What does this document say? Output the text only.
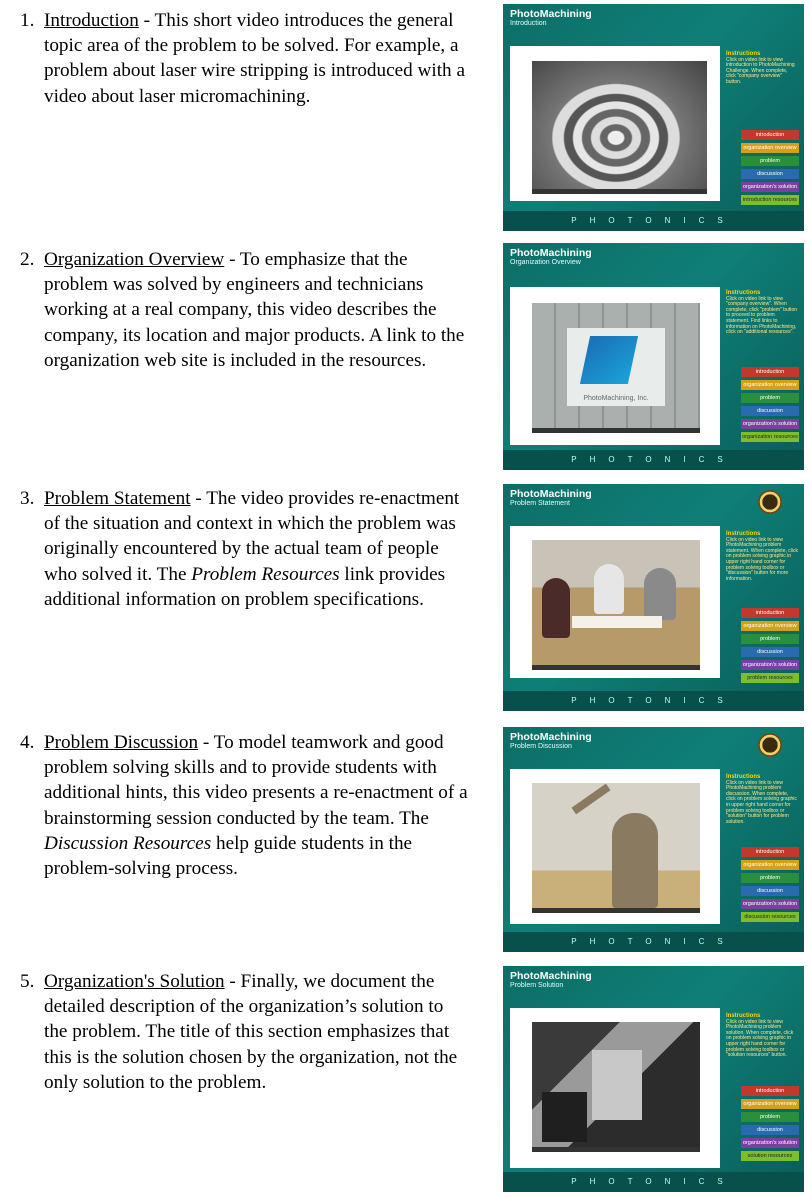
1. Introduction - This short video introduces the general topic area of the problem to be solved. For example, a problem about laser wire stripping is introduced with a video about laser micromachining.
PhotoMachining
Introduction
Instructions
Click on video link to view introduction to PhotoMachining Challenge. When complete, click "company overview" button.
introduction
organization overview
problem
discussion
organization's solution
introduction resources
PHOTONICS
2. Organization Overview - To emphasize that the problem was solved by engineers and technicians working at a real company, this video describes the company, its location and major products. A link to the organization web site is included in the resources.
PhotoMachining
Organization Overview
PhotoMachining, Inc.
Instructions
Click on video link to view "company overview". When complete, click "problem" button to proceed to problem statement. Find links to information on PhotoMachining, click on "additional resources".
introduction
organization overview
problem
discussion
organization's solution
organization resources
PHOTONICS
3. Problem Statement - The video provides re-enactment of the situation and context in which the problem was originally encountered by the actual team of people who solved it. The Problem Resources link provides additional information on problem specifications.
PhotoMachining
Problem Statement
Instructions
Click on video link to view PhotoMachining problem statement. When complete, click on problem solving graphic in upper right hand corner for problem solving toolbox or "discussion" button for more information.
introduction
organization overview
problem
discussion
organization's solution
problem resources
PHOTONICS
4. Problem Discussion - To model teamwork and good problem solving skills and to provide students with additional hints, this video presents a re-enactment of a brainstorming session conducted by the team. The Discussion Resources help guide students in the problem-solving process.
PhotoMachining
Problem Discussion
Instructions
Click on video link to view PhotoMachining problem discussion. When complete, click on problem solving graphic in upper right hand corner for problem solving toolbox or "solution" button for problem solution.
introduction
organization overview
problem
discussion
organization's solution
discussion resources
PHOTONICS
5. Organization's Solution - Finally, we document the detailed description of the organization’s solution to the problem. The title of this section emphasizes that this is the solution chosen by the organization, not the only solution to the problem.
PhotoMachining
Problem Solution
Instructions
Click on video link to view PhotoMachining problem solution. When complete, click on problem solving graphic in upper right hand corner for problem solving toolbox or "solution resources" button.
introduction
organization overview
problem
discussion
organization's solution
solution resources
PHOTONICS
